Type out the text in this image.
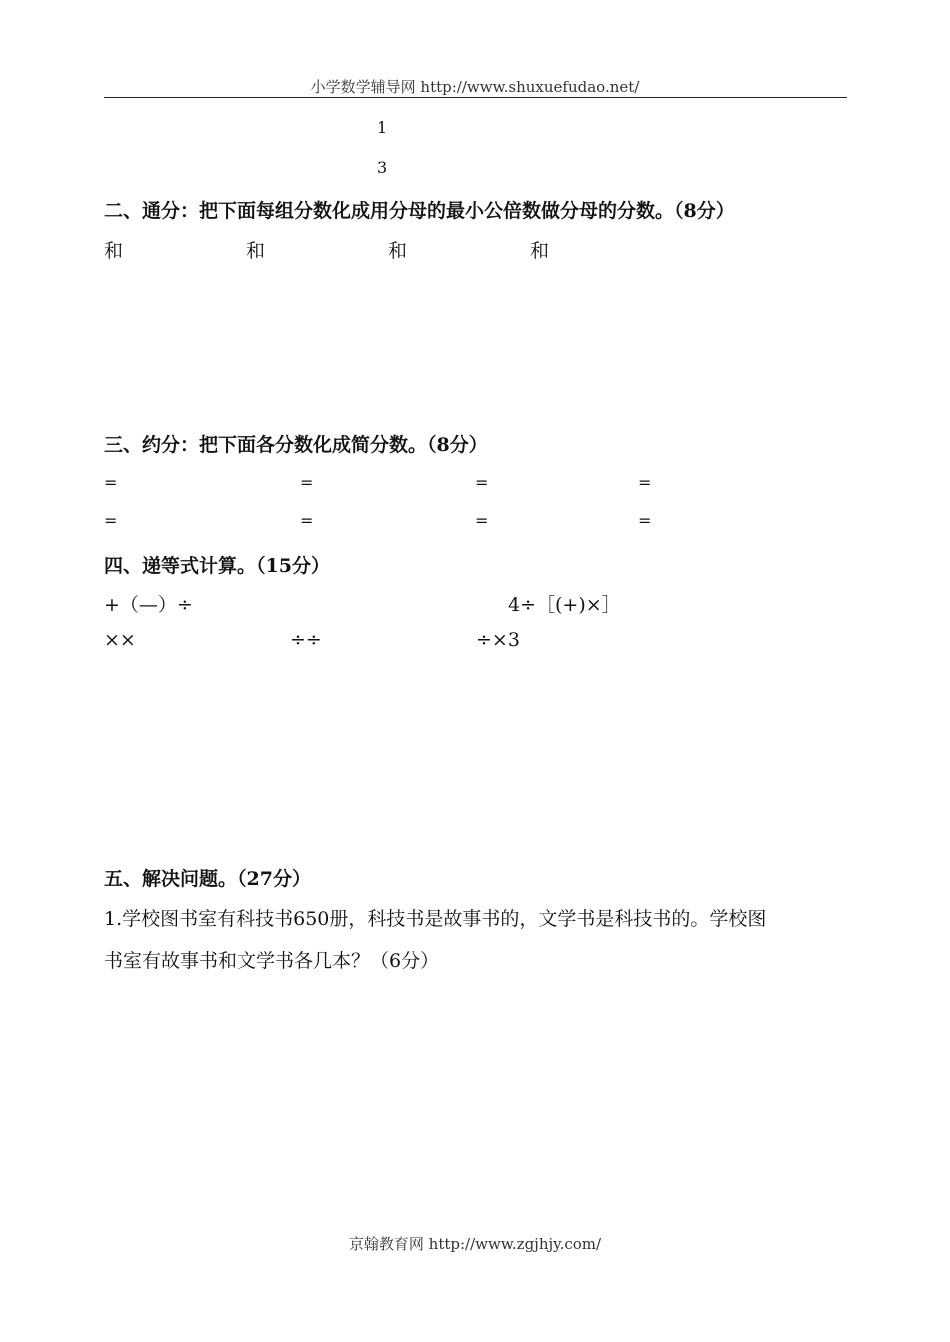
小学数学辅导网 http://www.shuxuefudao.net/
1
3
二、通分：把下面每组分数化成用分母的最小公倍数做分母的分数。（8分）
和	和	和	和
三、约分：把下面各分数化成简分数。（8分）
=	=	=	=
=	=	=	=
四、递等式计算。（15分）
+（—）÷	4÷［(+)×］
××	÷÷	÷×3
五、解决问题。（27分）
1.学校图书室有科技书650册，科技书是故事书的，文学书是科技书的。学校图
书室有故事书和文学书各几本？（6分）
京翰教育网 http://www.zgjhjy.com/
